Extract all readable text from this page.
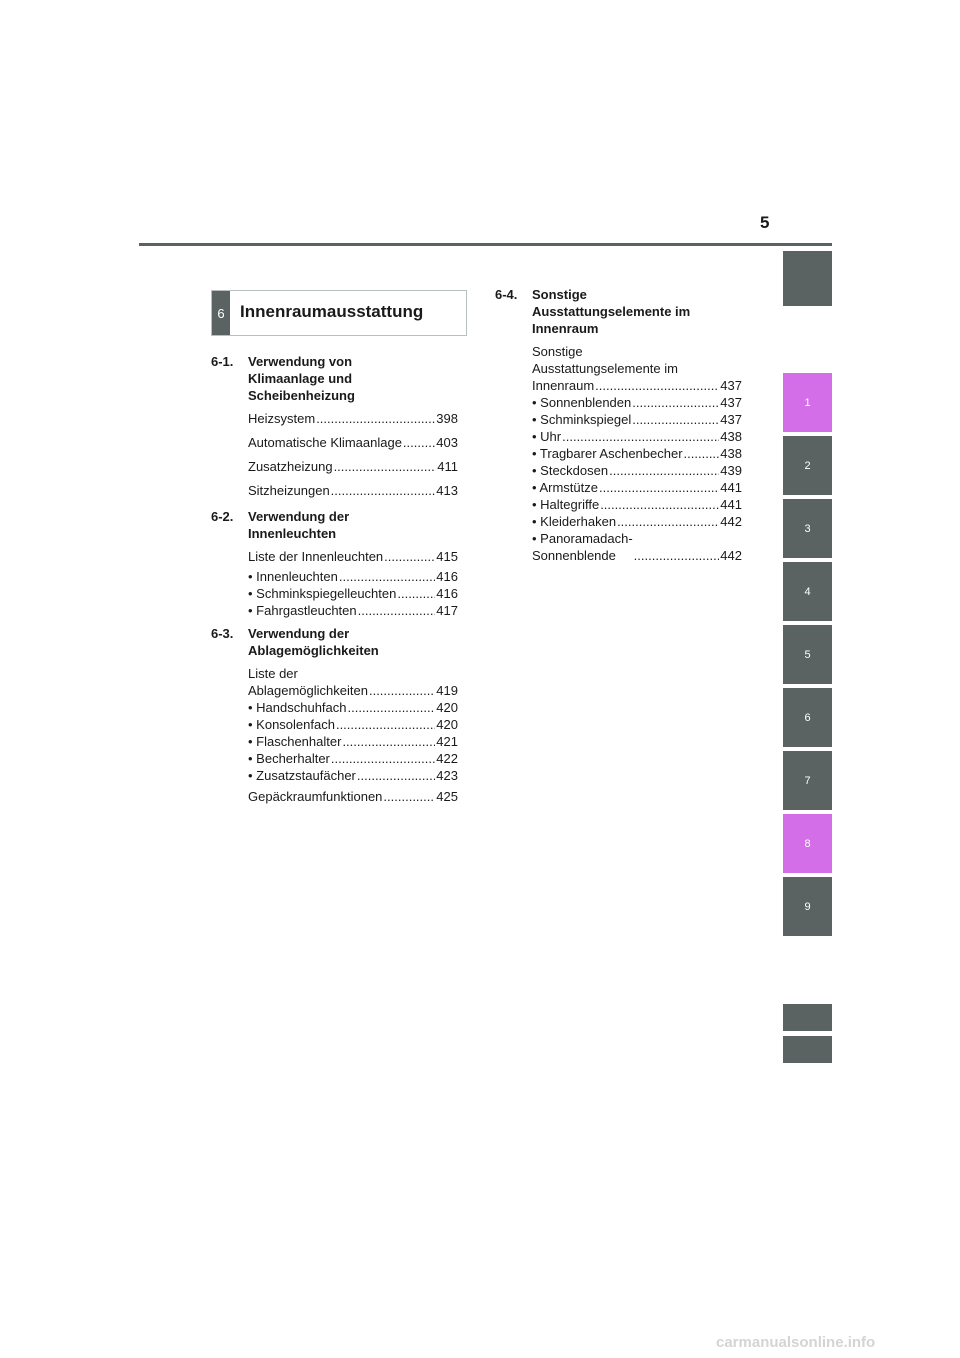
5
1
2
3
4
5
6
7
8
9
6 Innenraumausstattung
6-1.	Verwendung von
Klimaanlage und
Scheibenheizung
Heizsystem .....	398
Automatische Klimaanlage .....	403
Zusatzheizung .....	411
Sitzheizungen .....	413
6-2.	Verwendung der
Innenleuchten
Liste der Innenleuchten .....	415
• Innenleuchten .....	416
• Schminkspiegelleuchten .....	416
• Fahrgastleuchten .....	417
6-3.	Verwendung der
Ablagemöglichkeiten
Liste der
Ablagemöglichkeiten .....	419
• Handschuhfach .....	420
• Konsolenfach .....	420
• Flaschenhalter .....	421
• Becherhalter .....	422
• Zusatzstaufächer .....	423
Gepäckraumfunktionen .....	425
6-4.	Sonstige
Ausstattungselemente im
Innenraum
Sonstige
Ausstattungselemente im
Innenraum .....	437
• Sonnenblenden .....	437
• Schminkspiegel .....	437
• Uhr .....	438
• Tragbarer Aschenbecher .....	438
• Steckdosen .....	439
• Armstütze .....	441
• Haltegriffe .....	441
• Kleiderhaken .....	442
• Panoramadach-
Sonnenblende .....	442
carmanualsonline.info
